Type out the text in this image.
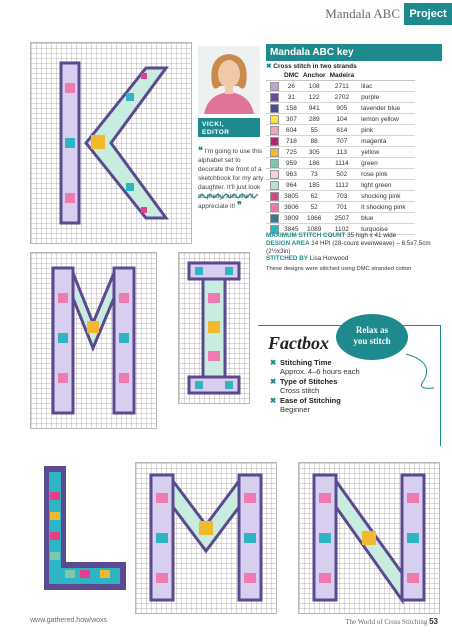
Mandala ABC Project
VICKI,
EDITOR
❝ I'm going to use this alphabet set to decorate the front of a sketchbook for my arty daughter. It'll just look so pretty, and she'll appreciate it! ❞
Mandala ABC key
✖ Cross stitch in two strands
	DMC	Anchor	Madeira	
	26	108	2711	lilac
	31	122	2702	purple
	158	941	905	lavender blue
	307	289	104	lemon yellow
	604	55	614	pink
	718	88	707	magenta
	725	305	113	yellow
	959	186	1114	green
	963	73	502	rose pink
	964	185	1112	light green
	3805	62	703	shocking pink
	3806	52	701	lt shocking pink
	3809	1066	2507	blue
	3845	1089	1102	turquoise
MAXIMUM STITCH COUNT 35 high x 41 wide
DESIGN AREA 14 HPI (28-count evenweave) – 6.5x7.5cm (2½x3in)
STITCHED BY Lisa Horwood
These designs were stitched using DMC stranded cotton
Factbox
Relax as
you stitch
✖ Stitching Time
Approx. 4–6 hours each
✖ Type of Stitches
Cross stitch
✖ Ease of Stitching
Beginner
www.gathered.how/woxs	The World of Cross Stitching 53
